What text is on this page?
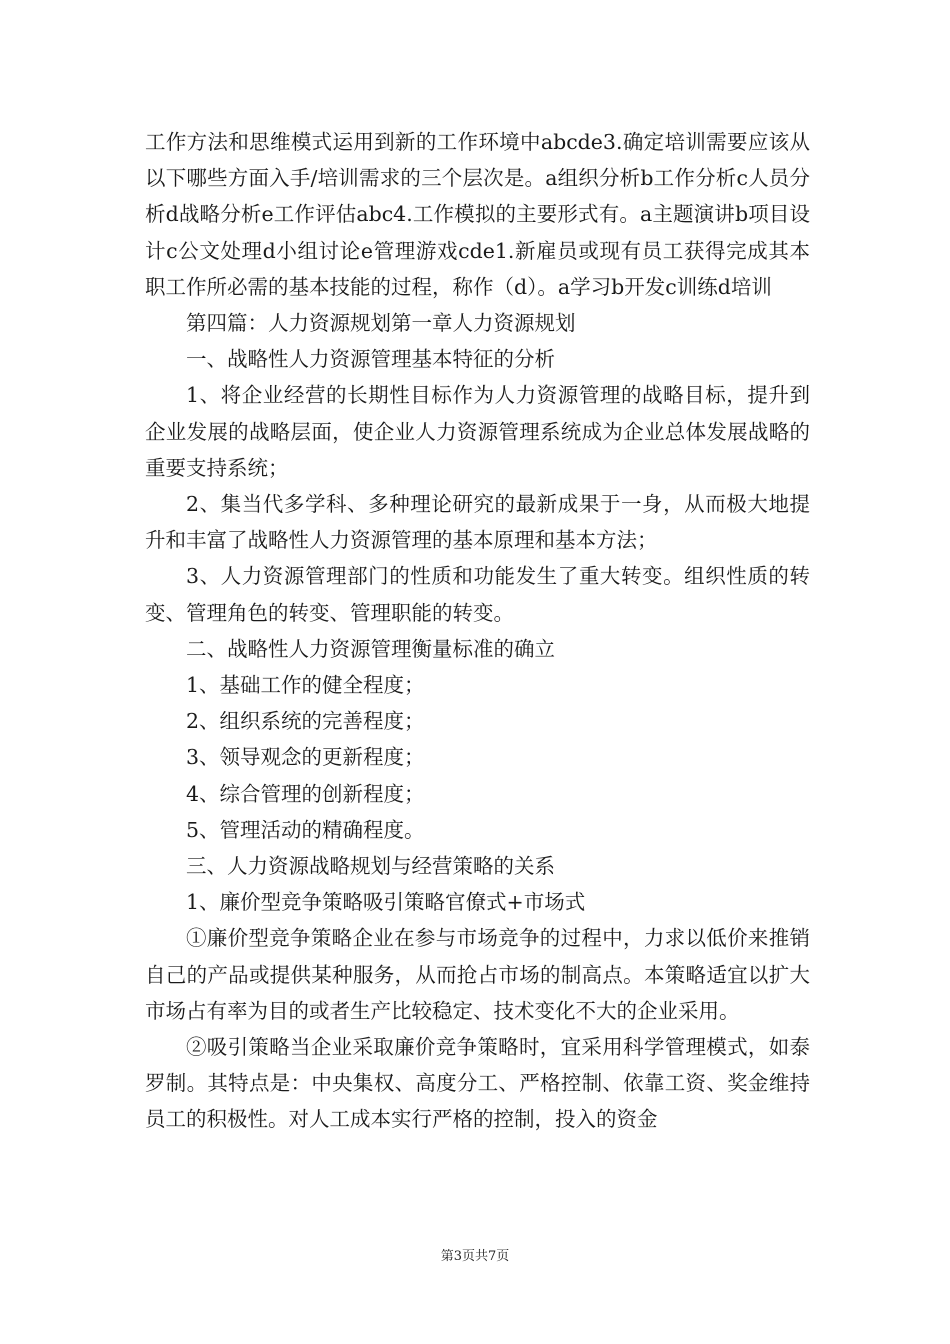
工作方法和思维模式运用到新的工作环境中abcde3.确定培训需要应该从以下哪些方面入手/培训需求的三个层次是。a组织分析b工作分析c人员分析d战略分析e工作评估abc4.工作模拟的主要形式有。a主题演讲b项目设计c公文处理d小组讨论e管理游戏cde1.新雇员或现有员工获得完成其本职工作所必需的基本技能的过程，称作（d）。a学习b开发c训练d培训

第四篇：人力资源规划第一章人力资源规划

一、战略性人力资源管理基本特征的分析

1、将企业经营的长期性目标作为人力资源管理的战略目标，提升到企业发展的战略层面，使企业人力资源管理系统成为企业总体发展战略的重要支持系统；

2、集当代多学科、多种理论研究的最新成果于一身，从而极大地提升和丰富了战略性人力资源管理的基本原理和基本方法；

3、人力资源管理部门的性质和功能发生了重大转变。组织性质的转变、管理角色的转变、管理职能的转变。

二、战略性人力资源管理衡量标准的确立

1、基础工作的健全程度；

2、组织系统的完善程度；

3、领导观念的更新程度；

4、综合管理的创新程度；

5、管理活动的精确程度。

三、人力资源战略规划与经营策略的关系

1、廉价型竞争策略吸引策略官僚式+市场式

①廉价型竞争策略企业在参与市场竞争的过程中，力求以低价来推销自己的产品或提供某种服务，从而抢占市场的制高点。本策略适宜以扩大市场占有率为目的或者生产比较稳定、技术变化不大的企业采用。

②吸引策略当企业采取廉价竞争策略时，宜采用科学管理模式，如泰罗制。其特点是：中央集权、高度分工、严格控制、依靠工资、奖金维持员工的积极性。对人工成本实行严格的控制，投入的资金

第3页共7页
